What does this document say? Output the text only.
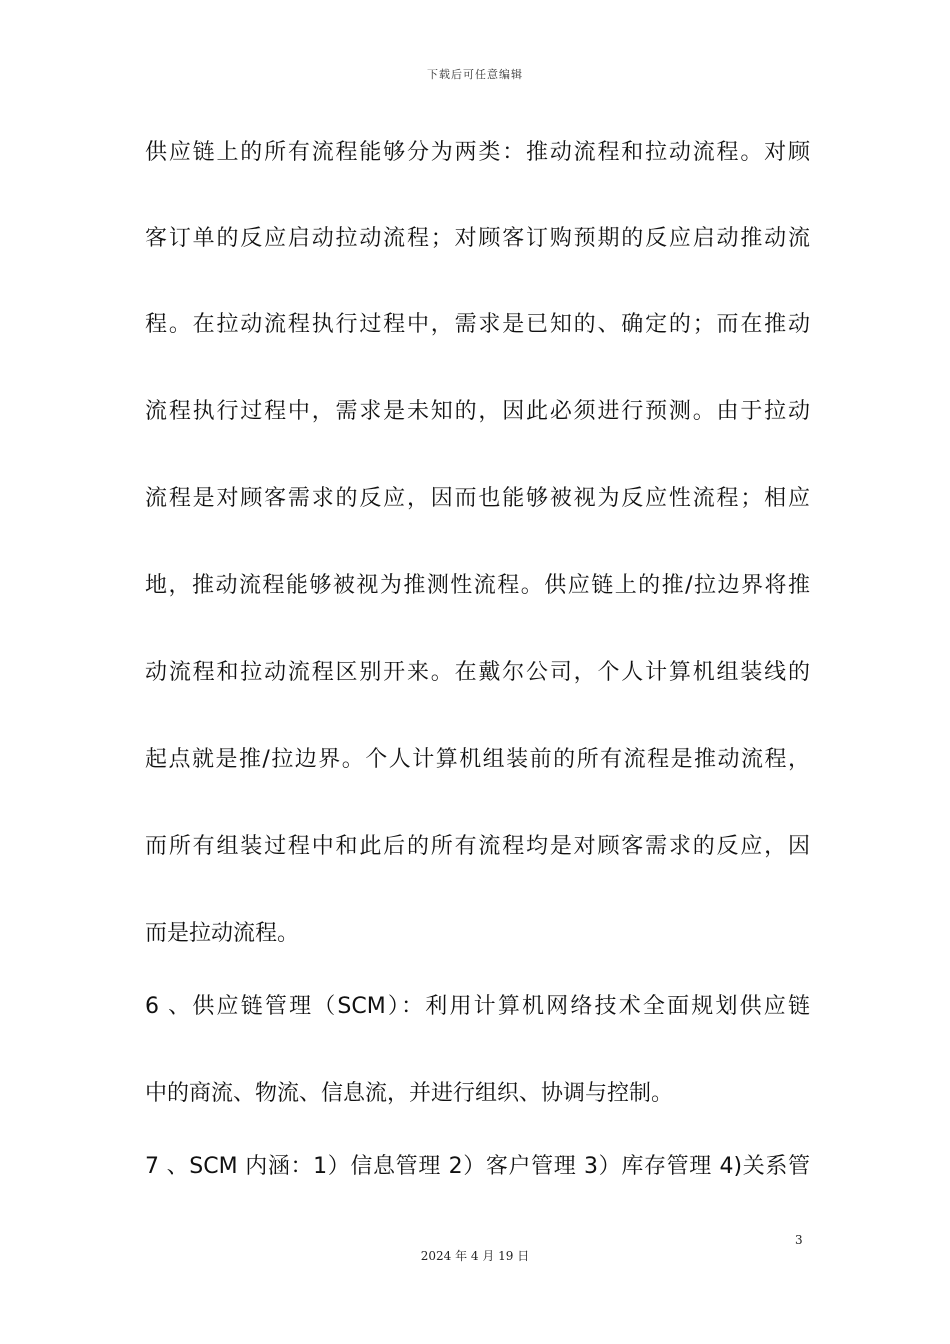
下载后可任意编辑
供应链上的所有流程能够分为两类：推动流程和拉动流程。对顾
客订单的反应启动拉动流程；对顾客订购预期的反应启动推动流
程。在拉动流程执行过程中，需求是已知的、确定的；而在推动
流程执行过程中，需求是未知的，因此必须进行预测。由于拉动
流程是对顾客需求的反应，因而也能够被视为反应性流程；相应
地，推动流程能够被视为推测性流程。供应链上的推/拉边界将推
动流程和拉动流程区别开来。在戴尔公司，个人计算机组装线的
起点就是推/拉边界。个人计算机组装前的所有流程是推动流程，
而所有组装过程中和此后的所有流程均是对顾客需求的反应，因
而是拉动流程。
6 、供应链管理（SCM）：利用计算机网络技术全面规划供应链
中的商流、物流、信息流，并进行组织、协调与控制。
7 、SCM 内涵：1）信息管理 2）客户管理 3）库存管理 4)关系管
3
2024 年 4 月 19 日
